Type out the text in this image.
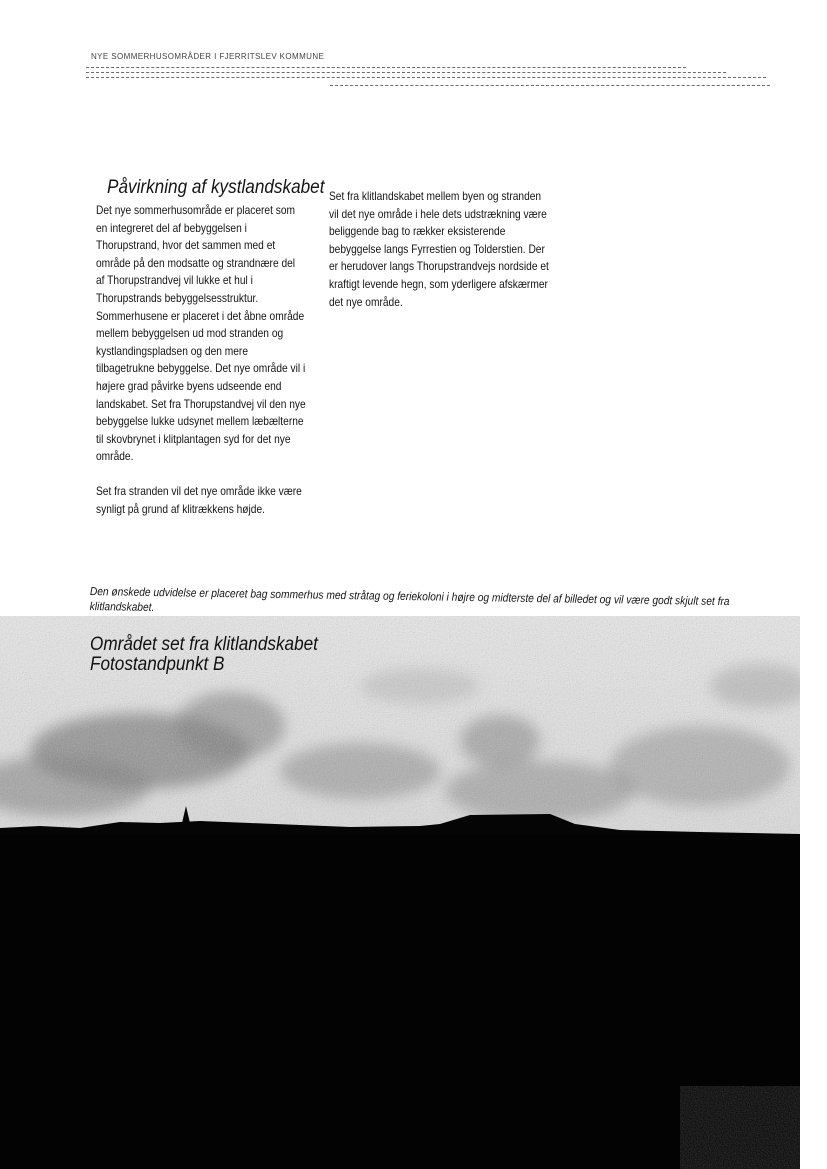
NYE SOMMERHUSOMRÅDER I FJERRITSLEV KOMMUNE
Påvirkning af kystlandskabet

Det nye sommerhusområde er placeret som en integreret del af bebyggelsen i Thorupstrand, hvor det sammen med et område på den modsatte og strandnære del af Thorupstrandvej vil lukke et hul i Thorupstrands bebyggelsesstruktur. Sommerhusene er placeret i det åbne område mellem bebyggelsen ud mod stranden og kystlandingspladsen og den mere tilbagetrukne bebyggelse. Det nye område vil i højere grad påvirke byens udseende end landskabet. Set fra Thorupstandvej vil den nye bebyggelse lukke udsynet mellem læbælterne til skovbrynet i klitplantagen syd for det nye område.

Set fra stranden vil det nye område ikke være synligt på grund af klitrækkens højde.

Set fra klitlandskabet mellem byen og stranden vil det nye område i hele dets udstrækning være beliggende bag to rækker eksisterende bebyggelse langs Fyrrestien og Tolderstien. Der er herudover langs Thorupstrandvejs nordside et kraftigt levende hegn, som yderligere afskærmer det nye område.

Den ønskede udvidelse er placeret bag sommerhus med stråtag og feriekoloni i højre og midterste del af billedet og vil være godt skjult set fra klitlandskabet.

Området set fra klitlandskabet
Fotostandpunkt B
